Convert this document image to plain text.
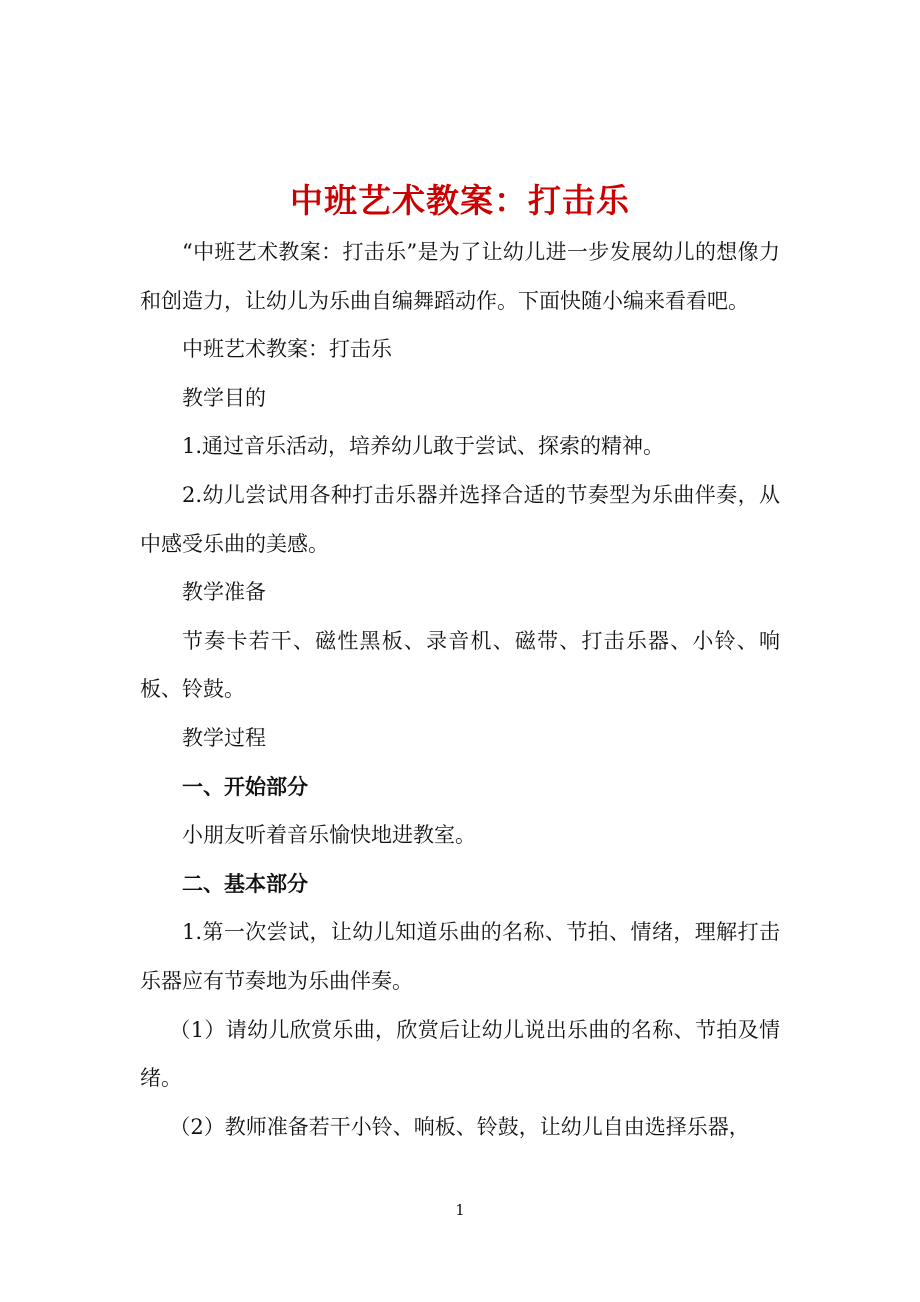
中班艺术教案：打击乐

“中班艺术教案：打击乐”是为了让幼儿进一步发展幼儿的想像力和创造力，让幼儿为乐曲自编舞蹈动作。下面快随小编来看看吧。

中班艺术教案：打击乐

教学目的

1.通过音乐活动，培养幼儿敢于尝试、探索的精神。

2.幼儿尝试用各种打击乐器并选择合适的节奏型为乐曲伴奏，从中感受乐曲的美感。

教学准备

节奏卡若干、磁性黑板、录音机、磁带、打击乐器、小铃、响板、铃鼓。

教学过程

一、开始部分

小朋友听着音乐愉快地进教室。

二、基本部分

1.第一次尝试，让幼儿知道乐曲的名称、节拍、情绪，理解打击乐器应有节奏地为乐曲伴奏。

（1）请幼儿欣赏乐曲，欣赏后让幼儿说出乐曲的名称、节拍及情绪。

（2）教师准备若干小铃、响板、铃鼓，让幼儿自由选择乐器，

1
